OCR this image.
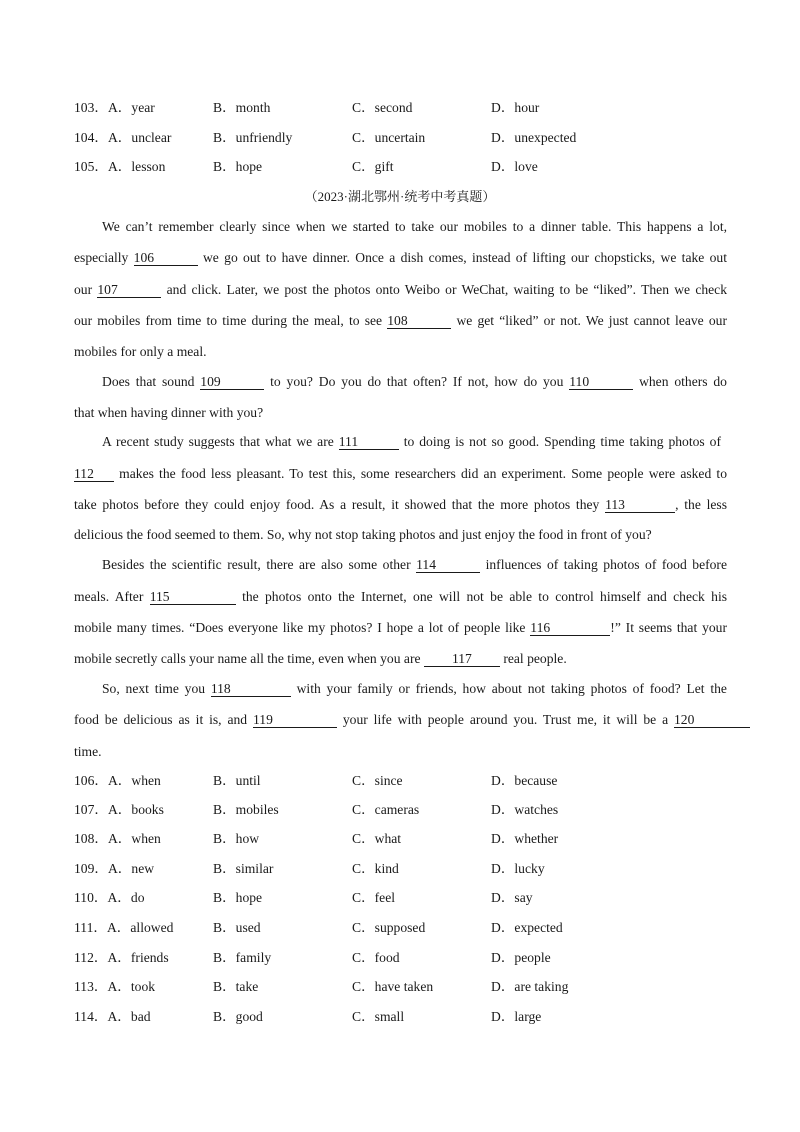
103．A．year	B．month	C．second	D．hour
104．A．unclear	B．unfriendly	C．uncertain	D．unexpected
105．A．lesson	B．hope	C．gift	D．love
（2023·湖北鄂州·统考中考真题）
We can’t remember clearly since when we started to take our mobiles to a dinner table. This happens a lot,
especially 106	we go out to have dinner. Once a dish comes, instead of lifting our chopsticks, we take out
our 107	and click. Later, we post the photos onto Weibo or WeChat, waiting to be “liked”. Then we check
our mobiles from time to time during the meal, to see 108	we get “liked” or not. We just cannot leave our
mobiles for only a meal.
Does that sound 109	to you? Do you do that often? If not, how do you 110	when others do
that when having dinner with you?
A recent study suggests that what we are 111	to doing is not so good. Spending time taking photos of
112 makes the food less pleasant. To test this, some researchers did an experiment. Some people were asked to
take photos before they could enjoy food. As a result, it showed that the more photos they 113	, the less
delicious the food seemed to them. So, why not stop taking photos and just enjoy the food in front of you?
Besides the scientific result, there are also some other 114	influences of taking photos of food before
meals. After 115	the photos onto the Internet, one will not be able to control himself and check his
mobile many times. “Does everyone like my photos? I hope a lot of people like 116	!” It seems that your
mobile secretly calls your name all the time, even when you are 117 real people.
So, next time you 118	with your family or friends, how about not taking photos of food? Let the
food be delicious as it is, and 119	your life with people around you. Trust me, it will be a 120
time.
106．A．when	B．until	C．since	D．because
107．A．books	B．mobiles	C．cameras	D．watches
108．A．when	B．how	C．what	D．whether
109．A．new	B．similar	C．kind	D．lucky
110．A．do	B．hope	C．feel	D．say
111．A．allowed	B．used	C．supposed	D．expected
112．A．friends	B．family	C．food	D．people
113．A．took	B．take	C．have taken	D．are taking
114．A．bad	B．good	C．small	D．large
